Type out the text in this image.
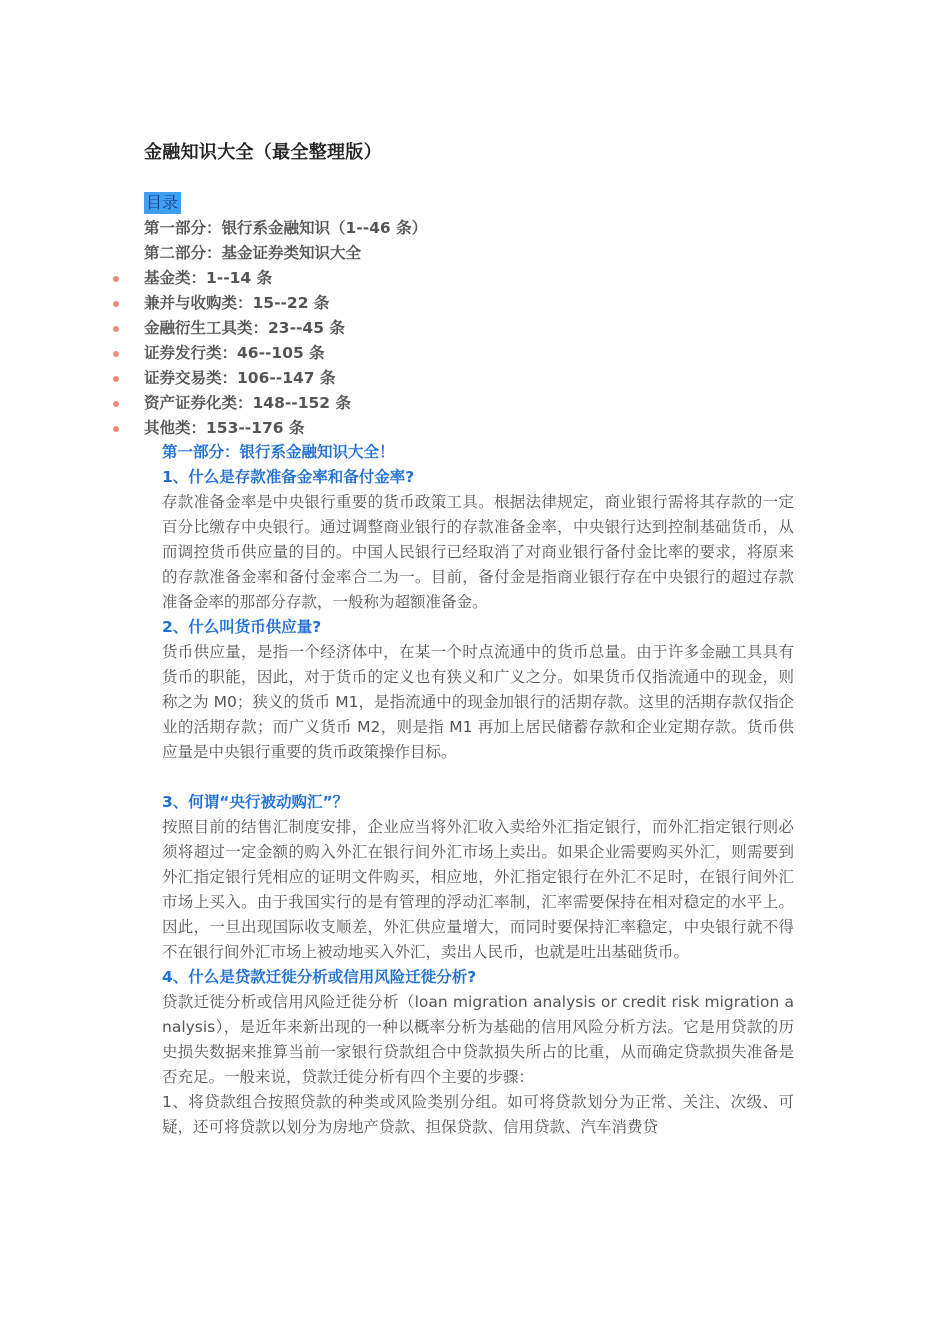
金融知识大全（最全整理版）
目录
第一部分：银行系金融知识（1--46 条）
第二部分：基金证券类知识大全
基金类：1--14 条
兼并与收购类：15--22 条
金融衍生工具类：23--45 条
证券发行类：46--105 条
证券交易类：106--147 条
资产证券化类：148--152 条
其他类：153--176 条
第一部分：银行系金融知识大全！
1、什么是存款准备金率和备付金率?

存款准备金率是中央银行重要的货币政策工具。根据法律规定，商业银行需将其存款的一定百分比缴存中央银行。通过调整商业银行的存款准备金率，中央银行达到控制基础货币，从而调控货币供应量的目的。中国人民银行已经取消了对商业银行备付金比率的要求，将原来的存款准备金率和备付金率合二为一。目前，备付金是指商业银行存在中央银行的超过存款准备金率的那部分存款，一般称为超额准备金。

2、什么叫货币供应量?

货币供应量，是指一个经济体中，在某一个时点流通中的货币总量。由于许多金融工具具有货币的职能，因此，对于货币的定义也有狭义和广义之分。如果货币仅指流通中的现金，则称之为 M0；狭义的货币 M1，是指流通中的现金加银行的活期存款。这里的活期存款仅指企业的活期存款；而广义货币 M2，则是指 M1 再加上居民储蓄存款和企业定期存款。货币供应量是中央银行重要的货币政策操作目标。

3、何谓“央行被动购汇”？

按照目前的结售汇制度安排，企业应当将外汇收入卖给外汇指定银行，而外汇指定银行则必须将超过一定金额的购入外汇在银行间外汇市场上卖出。如果企业需要购买外汇，则需要到外汇指定银行凭相应的证明文件购买，相应地，外汇指定银行在外汇不足时，在银行间外汇市场上买入。由于我国实行的是有管理的浮动汇率制，汇率需要保持在相对稳定的水平上。因此，一旦出现国际收支顺差，外汇供应量增大，而同时要保持汇率稳定，中央银行就不得不在银行间外汇市场上被动地买入外汇，卖出人民币，也就是吐出基础货币。

4、什么是贷款迁徙分析或信用风险迁徙分析?

贷款迁徙分析或信用风险迁徙分析（loan migration analysis or credit risk migration analysis），是近年来新出现的一种以概率分析为基础的信用风险分析方法。它是用贷款的历史损失数据来推算当前一家银行贷款组合中贷款损失所占的比重，从而确定贷款损失准备是否充足。一般来说，贷款迁徙分析有四个主要的步骤：

1、将贷款组合按照贷款的种类或风险类别分组。如可将贷款划分为正常、关注、次级、可疑，还可将贷款以划分为房地产贷款、担保贷款、信用贷款、汽车消费贷
